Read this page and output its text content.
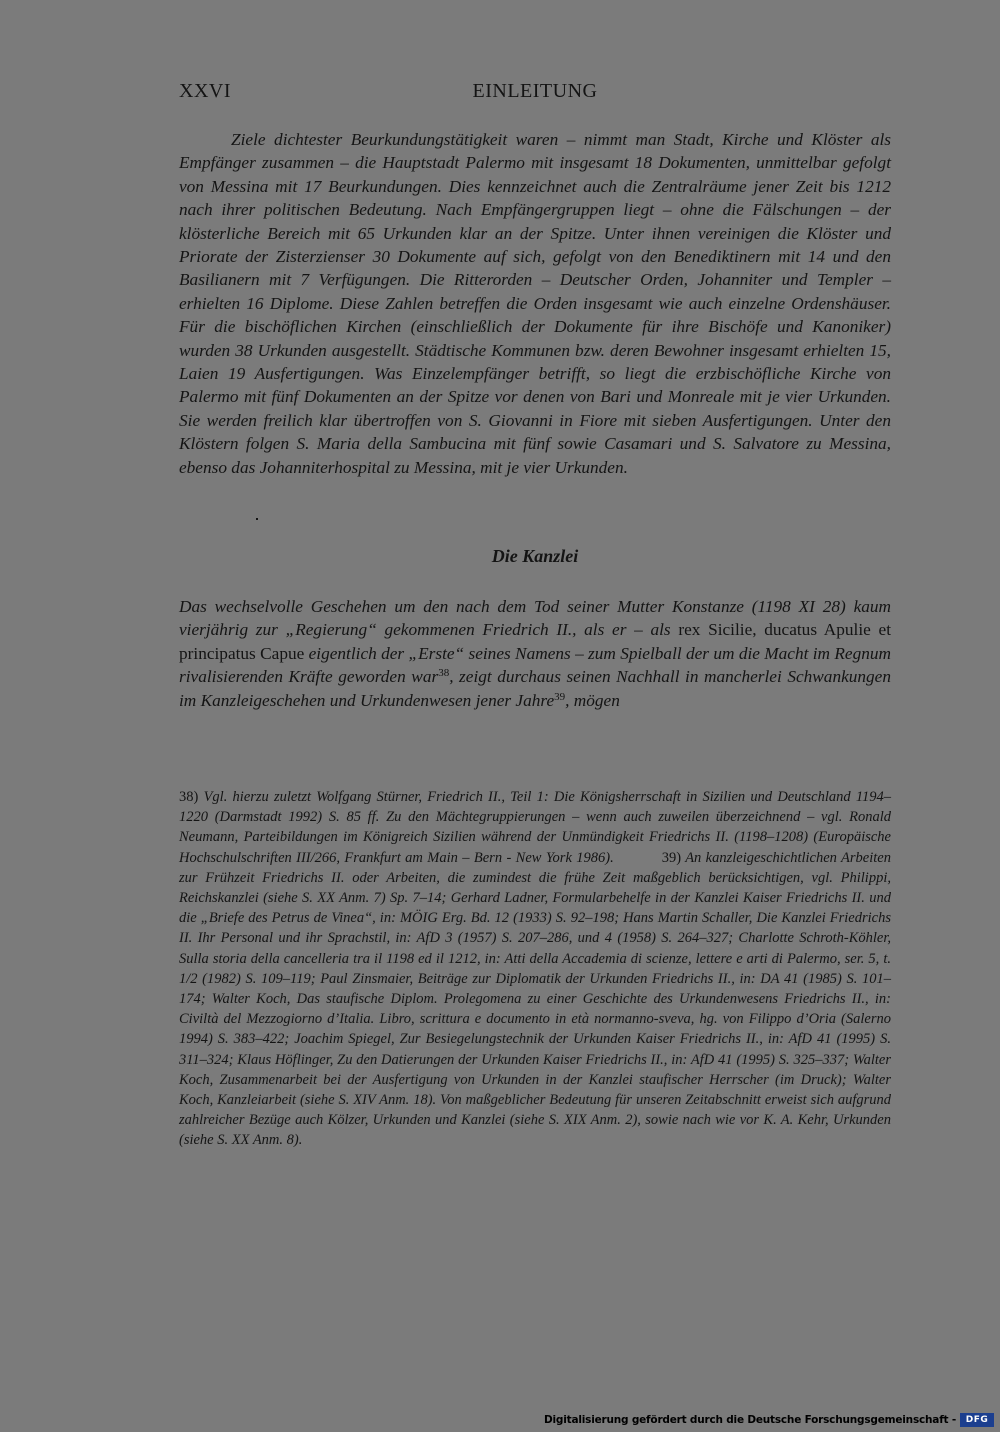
XXVI	EINLEITUNG

Ziele dichtester Beurkundungstätigkeit waren – nimmt man Stadt, Kirche und Klöster als Empfänger zusammen – die Hauptstadt Palermo mit insgesamt 18 Dokumenten, unmittelbar gefolgt von Messina mit 17 Beurkundungen. Dies kennzeichnet auch die Zentralräume jener Zeit bis 1212 nach ihrer politischen Bedeutung. Nach Empfängergruppen liegt – ohne die Fälschungen – der klösterliche Bereich mit 65 Urkunden klar an der Spitze. Unter ihnen vereinigen die Klöster und Priorate der Zisterzienser 30 Dokumente auf sich, gefolgt von den Benediktinern mit 14 und den Basilianern mit 7 Verfügungen. Die Ritterorden – Deutscher Orden, Johanniter und Templer – erhielten 16 Diplome. Diese Zahlen betreffen die Orden insgesamt wie auch einzelne Ordenshäuser. Für die bischöflichen Kirchen (einschließlich der Dokumente für ihre Bischöfe und Kanoniker) wurden 38 Urkunden ausgestellt. Städtische Kommunen bzw. deren Bewohner insgesamt erhielten 15, Laien 19 Ausfertigungen. Was Einzelempfänger betrifft, so liegt die erzbischöfliche Kirche von Palermo mit fünf Dokumenten an der Spitze vor denen von Bari und Monreale mit je vier Urkunden. Sie werden freilich klar übertroffen von S. Giovanni in Fiore mit sieben Ausfertigungen. Unter den Klöstern folgen S. Maria della Sambucina mit fünf sowie Casamari und S. Salvatore zu Messina, ebenso das Johanniterhospital zu Messina, mit je vier Urkunden.

Die Kanzlei

Das wechselvolle Geschehen um den nach dem Tod seiner Mutter Konstanze (1198 XI 28) kaum vierjährig zur „Regierung“ gekommenen Friedrich II., als er – als rex Sicilie, ducatus Apulie et principatus Capue eigentlich der „Erste“ seines Namens – zum Spielball der um die Macht im Regnum rivalisierenden Kräfte geworden war$^{38}$, zeigt durchaus seinen Nachhall in mancherlei Schwankungen im Kanzleigeschehen und Urkundenwesen jener Jahre$^{39}$, mögen

38) Vgl. hierzu zuletzt Wolfgang Stürner, Friedrich II., Teil 1: Die Königsherrschaft in Sizilien und Deutschland 1194–1220 (Darmstadt 1992) S. 85 ff. Zu den Mächtegruppierungen – wenn auch zuweilen überzeichnend – vgl. Ronald Neumann, Parteibildungen im Königreich Sizilien während der Unmündigkeit Friedrichs II. (1198–1208) (Europäische Hochschulschriften III/266, Frankfurt am Main – Bern - New York 1986).	39) An kanzleigeschichtlichen Arbeiten zur Frühzeit Friedrichs II. oder Arbeiten, die zumindest die frühe Zeit maßgeblich berücksichtigen, vgl. Philippi, Reichskanzlei (siehe S. XX Anm. 7) Sp. 7–14; Gerhard Ladner, Formularbehelfe in der Kanzlei Kaiser Friedrichs II. und die „Briefe des Petrus de Vinea“, in: MÖIG Erg. Bd. 12 (1933) S. 92–198; Hans Martin Schaller, Die Kanzlei Friedrichs II. Ihr Personal und ihr Sprachstil, in: AfD 3 (1957) S. 207–286, und 4 (1958) S. 264–327; Charlotte Schroth-Köhler, Sulla storia della cancelleria tra il 1198 ed il 1212, in: Atti della Accademia di scienze, lettere e arti di Palermo, ser. 5, t. 1/2 (1982) S. 109–119; Paul Zinsmaier, Beiträge zur Diplomatik der Urkunden Friedrichs II., in: DA 41 (1985) S. 101–174; Walter Koch, Das staufische Diplom. Prolegomena zu einer Geschichte des Urkundenwesens Friedrichs II., in: Civiltà del Mezzogiorno d’Italia. Libro, scrittura e documento in età normanno-sveva, hg. von Filippo d’Oria (Salerno 1994) S. 383–422; Joachim Spiegel, Zur Besiegelungstechnik der Urkunden Kaiser Friedrichs II., in: AfD 41 (1995) S. 311–324; Klaus Höflinger, Zu den Datierungen der Urkunden Kaiser Friedrichs II., in: AfD 41 (1995) S. 325–337; Walter Koch, Zusammenarbeit bei der Ausfertigung von Urkunden in der Kanzlei staufischer Herrscher (im Druck); Walter Koch, Kanzleiarbeit (siehe S. XIV Anm. 18). Von maßgeblicher Bedeutung für unseren Zeitabschnitt erweist sich aufgrund zahlreicher Bezüge auch Kölzer, Urkunden und Kanzlei (siehe S. XIX Anm. 2), sowie nach wie vor K. A. Kehr, Urkunden (siehe S. XX Anm. 8).

Digitalisierung gefördert durch die Deutsche Forschungsgemeinschaft -	DFG
